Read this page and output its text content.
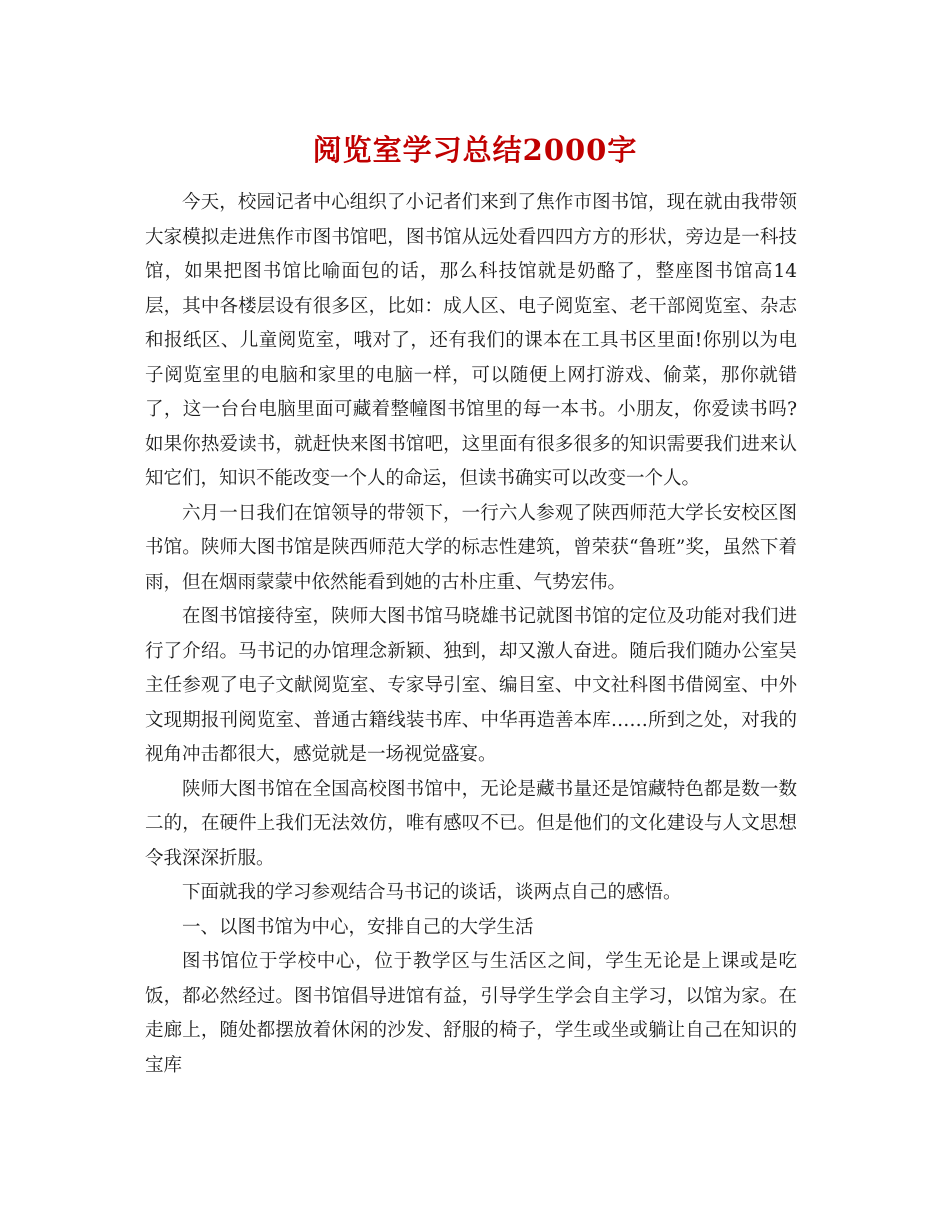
阅览室学习总结2000字

今天，校园记者中心组织了小记者们来到了焦作市图书馆，现在就由我带领大家模拟走进焦作市图书馆吧，图书馆从远处看四四方方的形状，旁边是一科技馆，如果把图书馆比喻面包的话，那么科技馆就是奶酪了，整座图书馆高14层，其中各楼层设有很多区，比如：成人区、电子阅览室、老干部阅览室、杂志和报纸区、儿童阅览室，哦对了，还有我们的课本在工具书区里面!你别以为电子阅览室里的电脑和家里的电脑一样，可以随便上网打游戏、偷菜，那你就错了，这一台台电脑里面可藏着整幢图书馆里的每一本书。小朋友，你爱读书吗?如果你热爱读书，就赶快来图书馆吧，这里面有很多很多的知识需要我们进来认知它们，知识不能改变一个人的命运，但读书确实可以改变一个人。

六月一日我们在馆领导的带领下，一行六人参观了陕西师范大学长安校区图书馆。陕师大图书馆是陕西师范大学的标志性建筑，曾荣获“鲁班”奖，虽然下着雨，但在烟雨蒙蒙中依然能看到她的古朴庄重、气势宏伟。

在图书馆接待室，陕师大图书馆马晓雄书记就图书馆的定位及功能对我们进行了介绍。马书记的办馆理念新颖、独到，却又激人奋进。随后我们随办公室吴主任参观了电子文献阅览室、专家导引室、编目室、中文社科图书借阅室、中外文现期报刊阅览室、普通古籍线装书库、中华再造善本库……所到之处，对我的视角冲击都很大，感觉就是一场视觉盛宴。

陕师大图书馆在全国高校图书馆中，无论是藏书量还是馆藏特色都是数一数二的，在硬件上我们无法效仿，唯有感叹不已。但是他们的文化建设与人文思想令我深深折服。

下面就我的学习参观结合马书记的谈话，谈两点自己的感悟。

一、以图书馆为中心，安排自己的大学生活

图书馆位于学校中心，位于教学区与生活区之间，学生无论是上课或是吃饭，都必然经过。图书馆倡导进馆有益，引导学生学会自主学习，以馆为家。在走廊上，随处都摆放着休闲的沙发、舒服的椅子，学生或坐或躺让自己在知识的宝库
